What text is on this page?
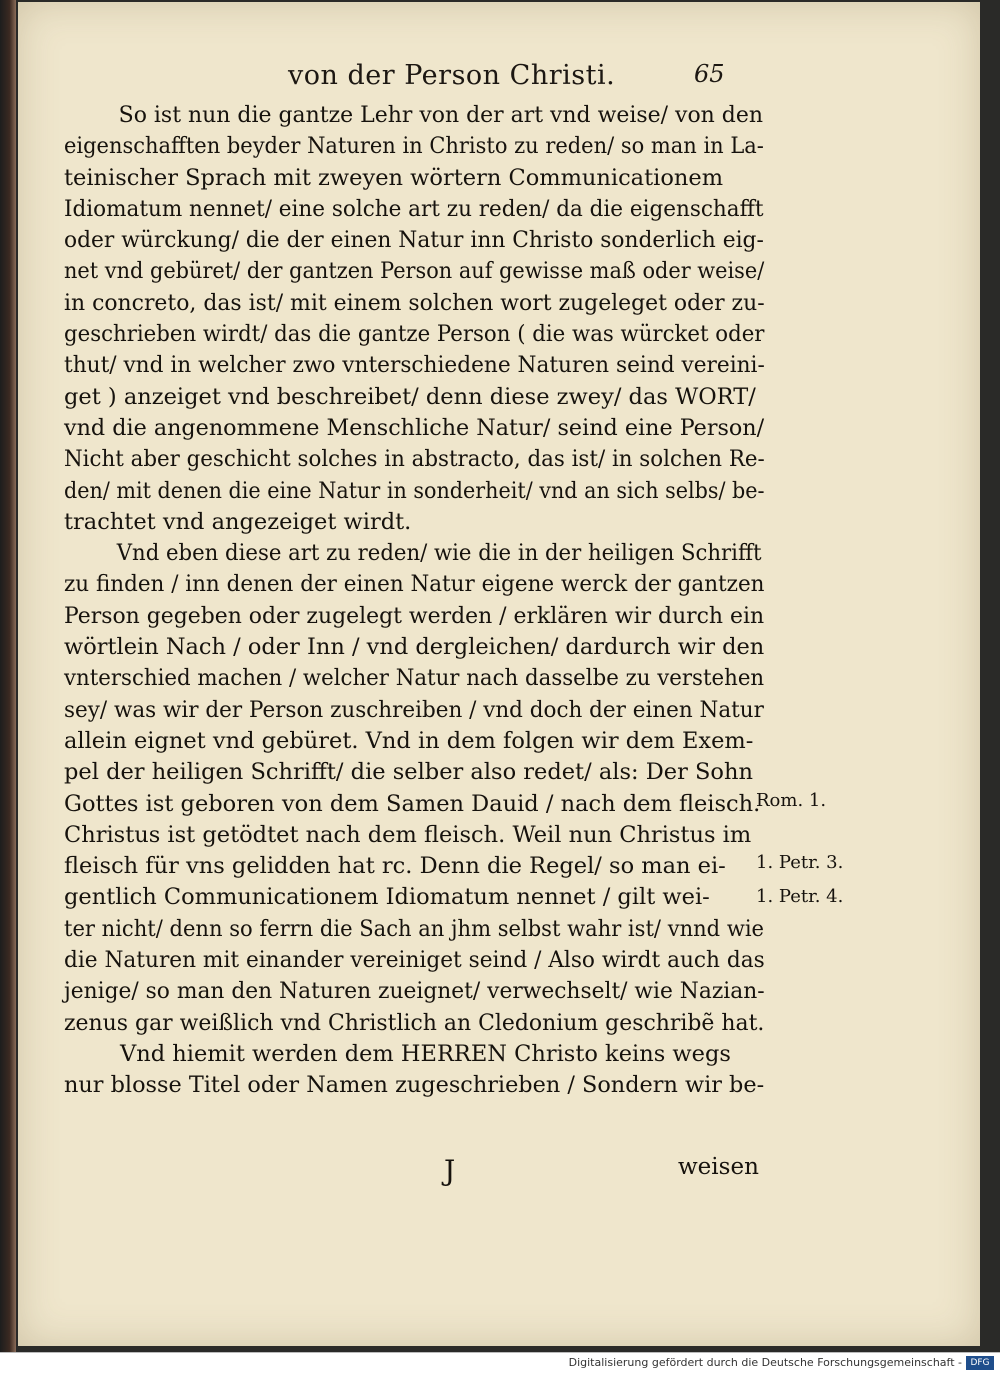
von der Person Christi.	65
So ist nun die gantze Lehr von der art vnd weise/ von den
eigenschafften beyder Naturen in Christo zu reden/ so man in La-
teinischer Sprach mit zweyen wörtern Communicationem
Idiomatum nennet/ eine solche art zu reden/ da die eigenschafft
oder würckung/ die der einen Natur inn Christo sonderlich eig-
net vnd gebüret/ der gantzen Person auf gewisse maß oder weise/
in concreto, das ist/ mit einem solchen wort zugeleget oder zu-
geschrieben wirdt/ das die gantze Person ( die was würcket oder
thut/ vnd in welcher zwo vnterschiedene Naturen seind vereini-
get ) anzeiget vnd beschreibet/ denn diese zwey/ das WORT/
vnd die angenommene Menschliche Natur/ seind eine Person/
Nicht aber geschicht solches in abstracto, das ist/ in solchen Re-
den/ mit denen die eine Natur in sonderheit/ vnd an sich selbs/ be-
trachtet vnd angezeiget wirdt.
Vnd eben diese art zu reden/ wie die in der heiligen Schrifft
zu finden / inn denen der einen Natur eigene werck der gantzen
Person gegeben oder zugelegt werden / erklären wir durch ein
wörtlein Nach / oder Inn / vnd dergleichen/ dardurch wir den
vnterschied machen / welcher Natur nach dasselbe zu verstehen
sey/ was wir der Person zuschreiben / vnd doch der einen Natur
allein eignet vnd gebüret. Vnd in dem folgen wir dem Exem-
pel der heiligen Schrifft/ die selber also redet/ als: Der Sohn
Gottes ist geboren von dem Samen Dauid / nach dem fleisch.
Christus ist getödtet nach dem fleisch. Weil nun Christus im
fleisch für vns gelidden hat rc. Denn die Regel/ so man ei-
gentlich Communicationem Idiomatum nennet / gilt wei-
ter nicht/ denn so ferrn die Sach an jhm selbst wahr ist/ vnnd wie
die Naturen mit einander vereiniget seind / Also wirdt auch das
jenige/ so man den Naturen zueignet/ verwechselt/ wie Nazian-
zenus gar weißlich vnd Christlich an Cledonium geschribẽ hat.
Vnd hiemit werden dem HERREN Christo keins wegs
nur blosse Titel oder Namen zugeschrieben / Sondern wir be-
Rom. 1.
1. Petr. 3.
1. Petr. 4.
J	weisen
Digitalisierung gefördert durch die Deutsche Forschungsgemeinschaft - DFG
